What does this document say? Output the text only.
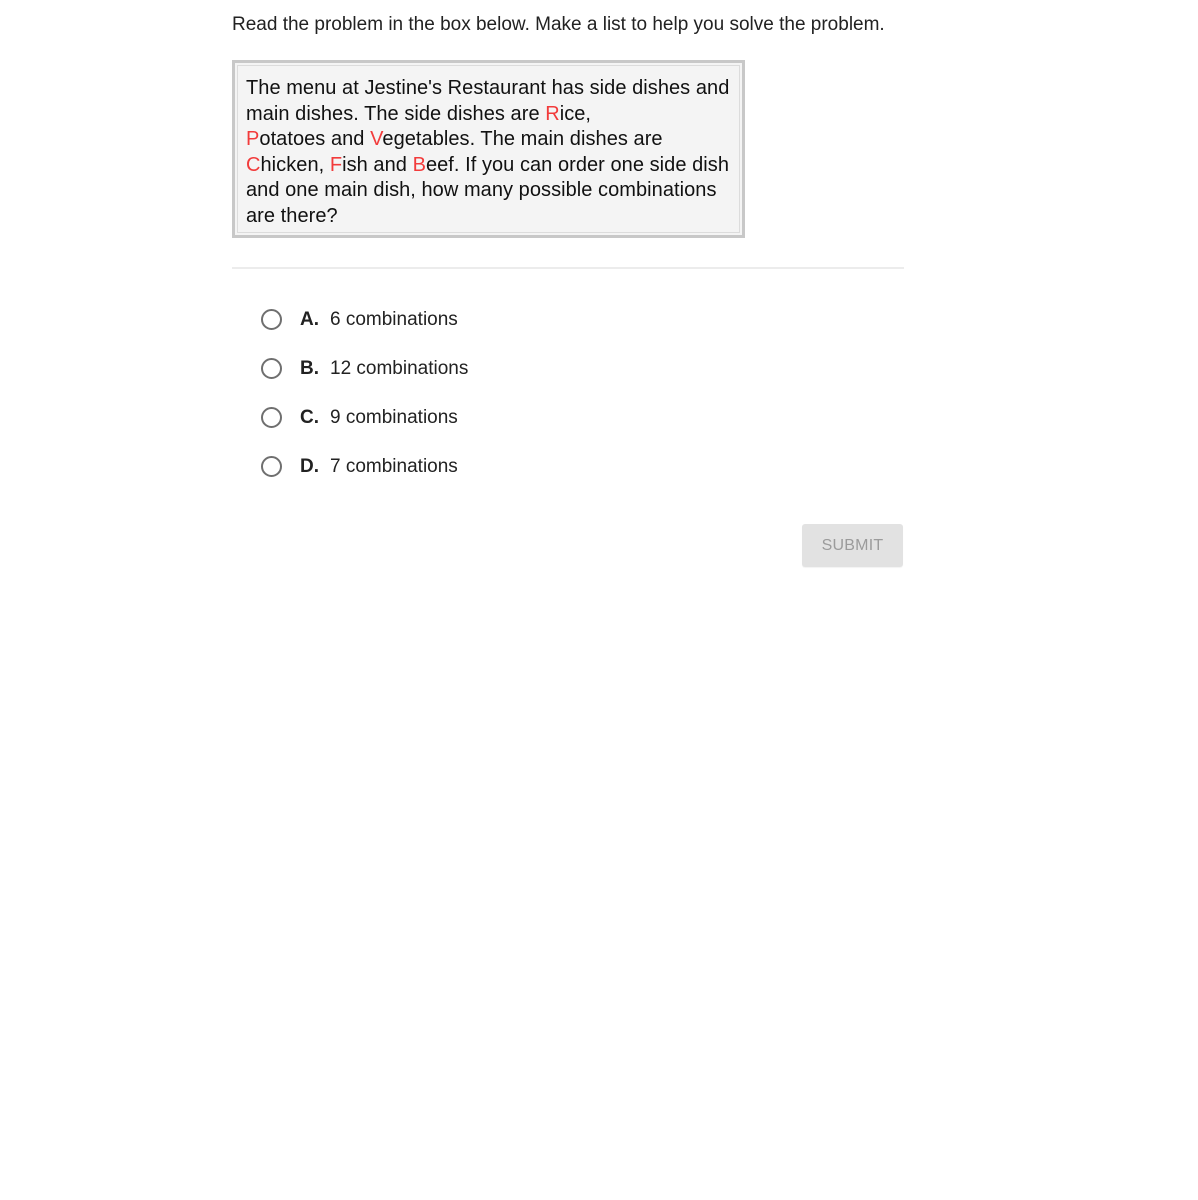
Read the problem in the box below. Make a list to help you solve the problem.
The menu at Jestine's Restaurant has side dishes and main dishes. The side dishes are Rice,
Potatoes and Vegetables. The main dishes are
Chicken, Fish and Beef. If you can order one side dish and one main dish, how many possible combinations are there?
A. 6 combinations
B. 12 combinations
C. 9 combinations
D. 7 combinations
SUBMIT
